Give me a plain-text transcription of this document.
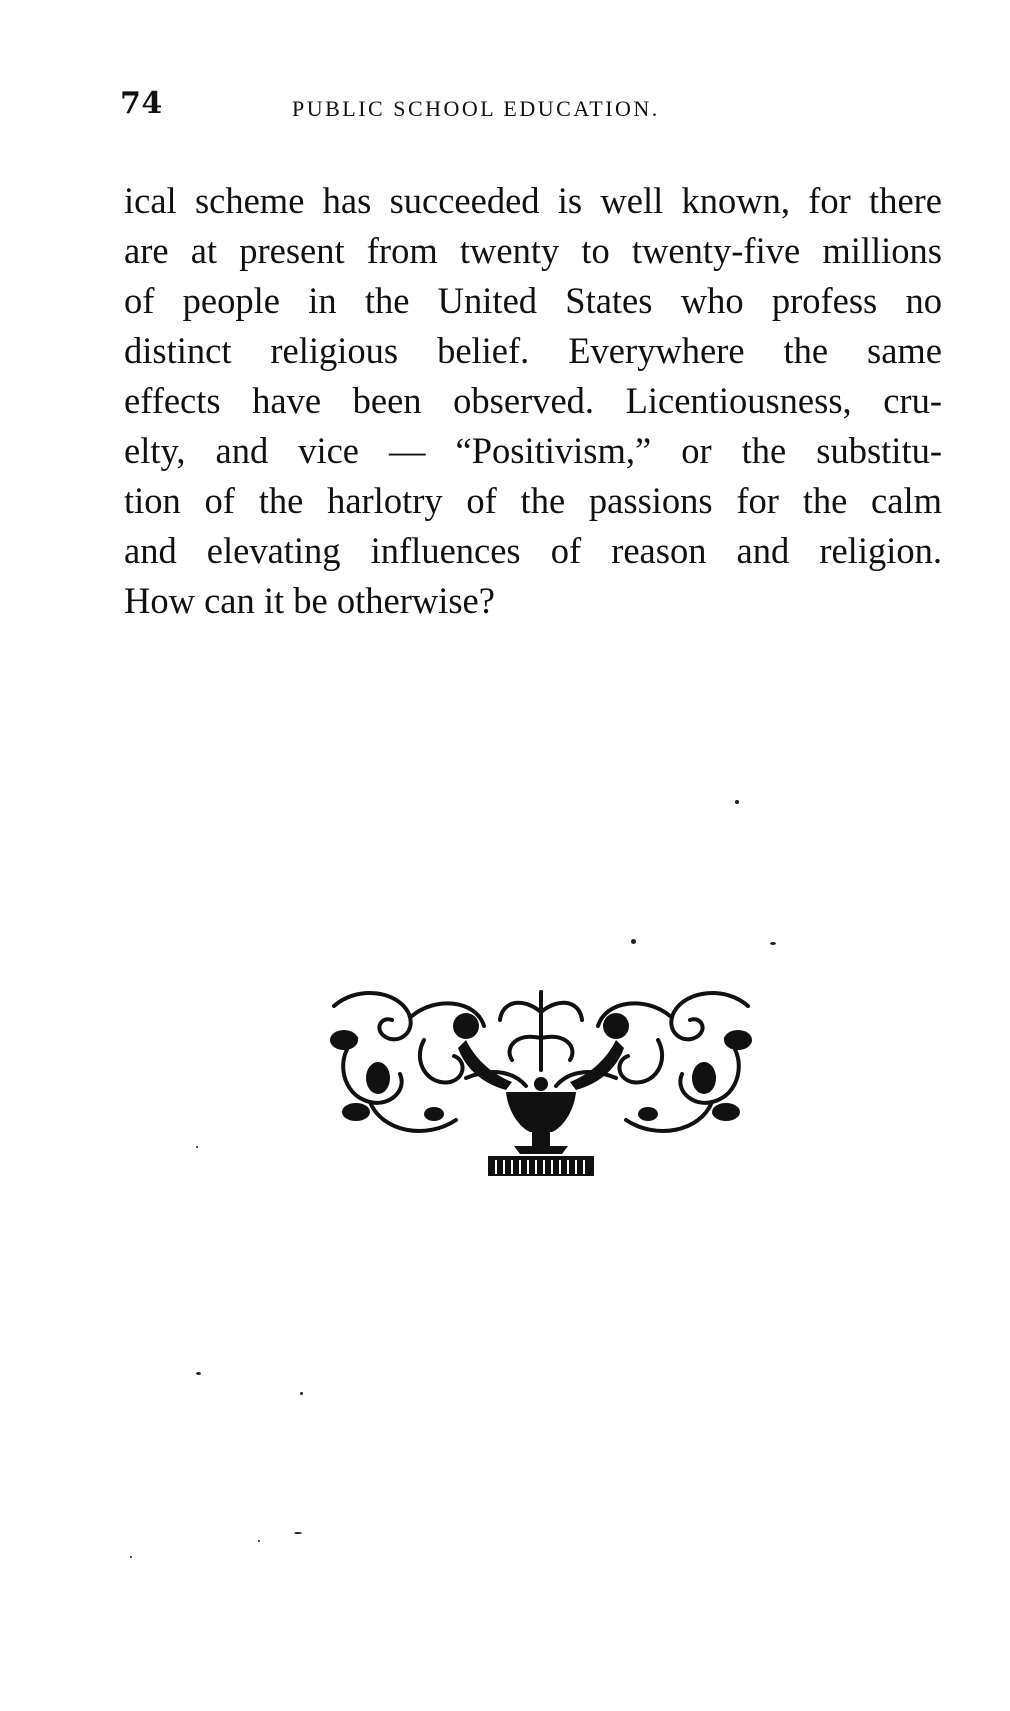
74	PUBLIC SCHOOL EDUCATION.

ical scheme has succeeded is well known, for there
are at present from twenty to twenty-five millions
of people in the United States who profess no
distinct religious belief. Everywhere the same
effects have been observed. Licentiousness, cru-
elty, and vice — “Positivism,” or the substitu-
tion of the harlotry of the passions for the calm
and elevating influences of reason and religion.
How can it be otherwise?
